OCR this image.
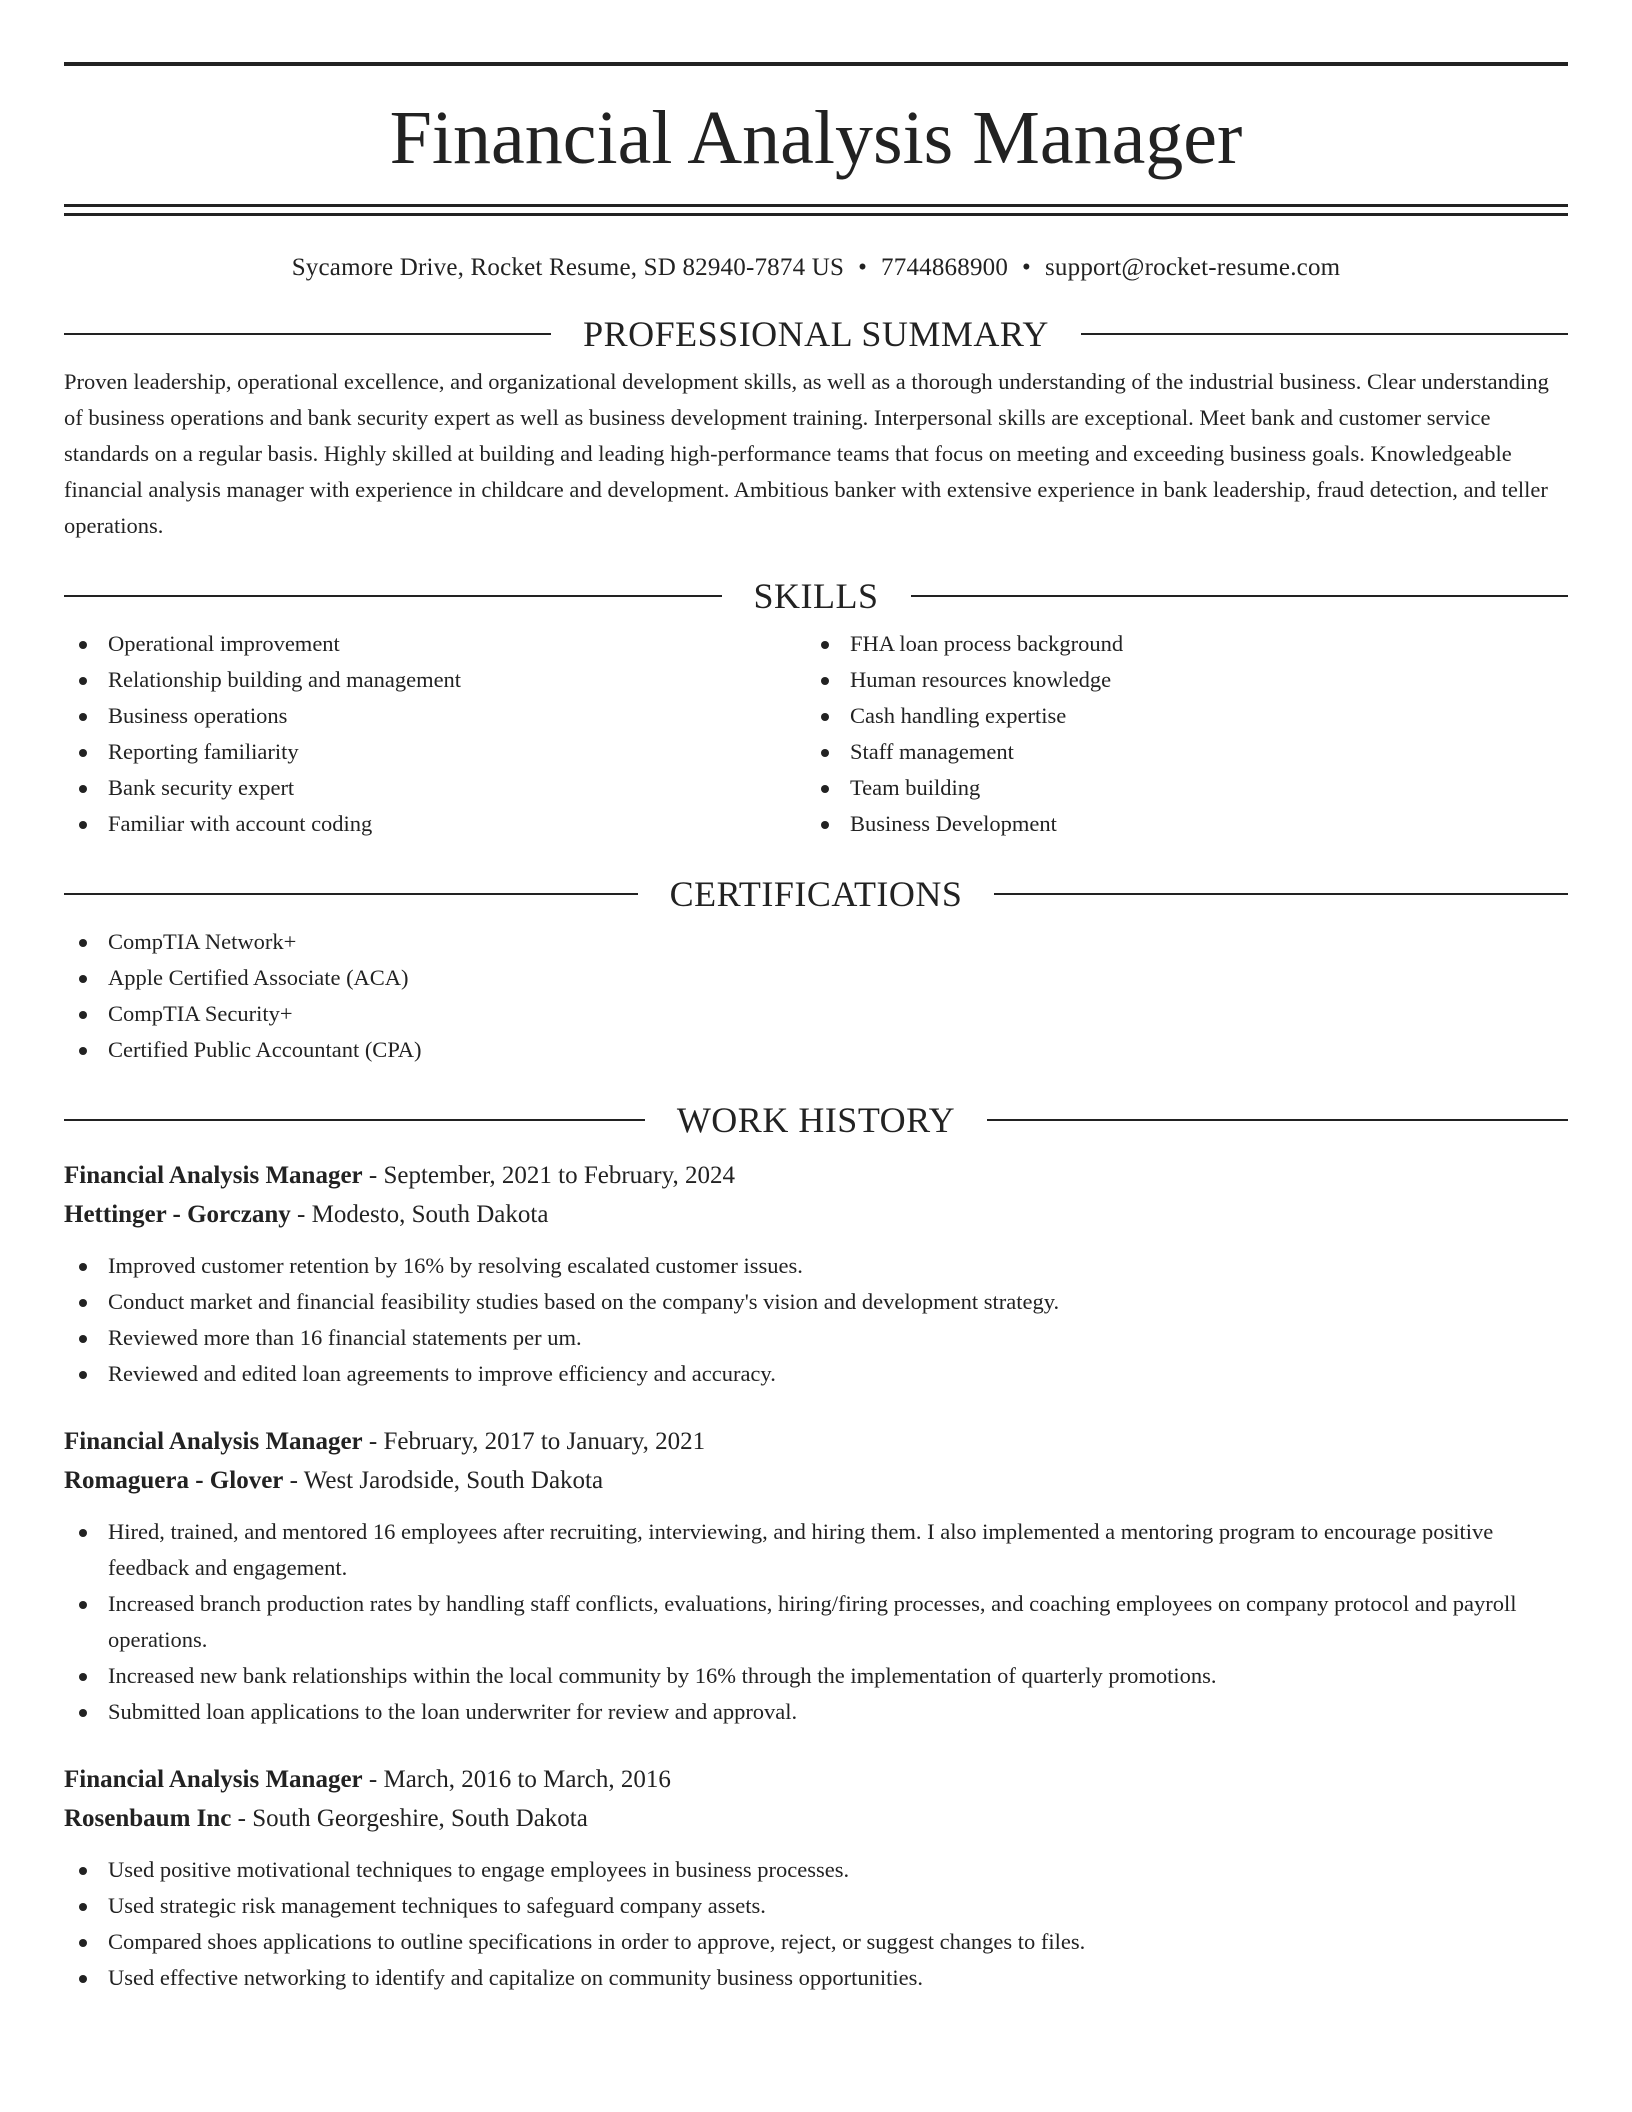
Financial Analysis Manager
Sycamore Drive, Rocket Resume, SD 82940-7874 US • 7744868900 • support@rocket-resume.com
PROFESSIONAL SUMMARY

Proven leadership, operational excellence, and organizational development skills, as well as a thorough understanding of the industrial business. Clear understanding of business operations and bank security expert as well as business development training. Interpersonal skills are exceptional. Meet bank and customer service standards on a regular basis. Highly skilled at building and leading high-performance teams that focus on meeting and exceeding business goals. Knowledgeable financial analysis manager with experience in childcare and development. Ambitious banker with extensive experience in bank leadership, fraud detection, and teller operations.

SKILLS
Operational improvement
Relationship building and management
Business operations
Reporting familiarity
Bank security expert
Familiar with account coding
FHA loan process background
Human resources knowledge
Cash handling expertise
Staff management
Team building
Business Development
CERTIFICATIONS
CompTIA Network+
Apple Certified Associate (ACA)
CompTIA Security+
Certified Public Accountant (CPA)
WORK HISTORY
Financial Analysis Manager - September, 2021 to February, 2024
Hettinger - Gorczany - Modesto, South Dakota
Improved customer retention by 16% by resolving escalated customer issues.
Conduct market and financial feasibility studies based on the company's vision and development strategy.
Reviewed more than 16 financial statements per um.
Reviewed and edited loan agreements to improve efficiency and accuracy.
Financial Analysis Manager - February, 2017 to January, 2021
Romaguera - Glover - West Jarodside, South Dakota
Hired, trained, and mentored 16 employees after recruiting, interviewing, and hiring them. I also implemented a mentoring program to encourage positive feedback and engagement.
Increased branch production rates by handling staff conflicts, evaluations, hiring/firing processes, and coaching employees on company protocol and payroll operations.
Increased new bank relationships within the local community by 16% through the implementation of quarterly promotions.
Submitted loan applications to the loan underwriter for review and approval.
Financial Analysis Manager - March, 2016 to March, 2016
Rosenbaum Inc - South Georgeshire, South Dakota
Used positive motivational techniques to engage employees in business processes.
Used strategic risk management techniques to safeguard company assets.
Compared shoes applications to outline specifications in order to approve, reject, or suggest changes to files.
Used effective networking to identify and capitalize on community business opportunities.
